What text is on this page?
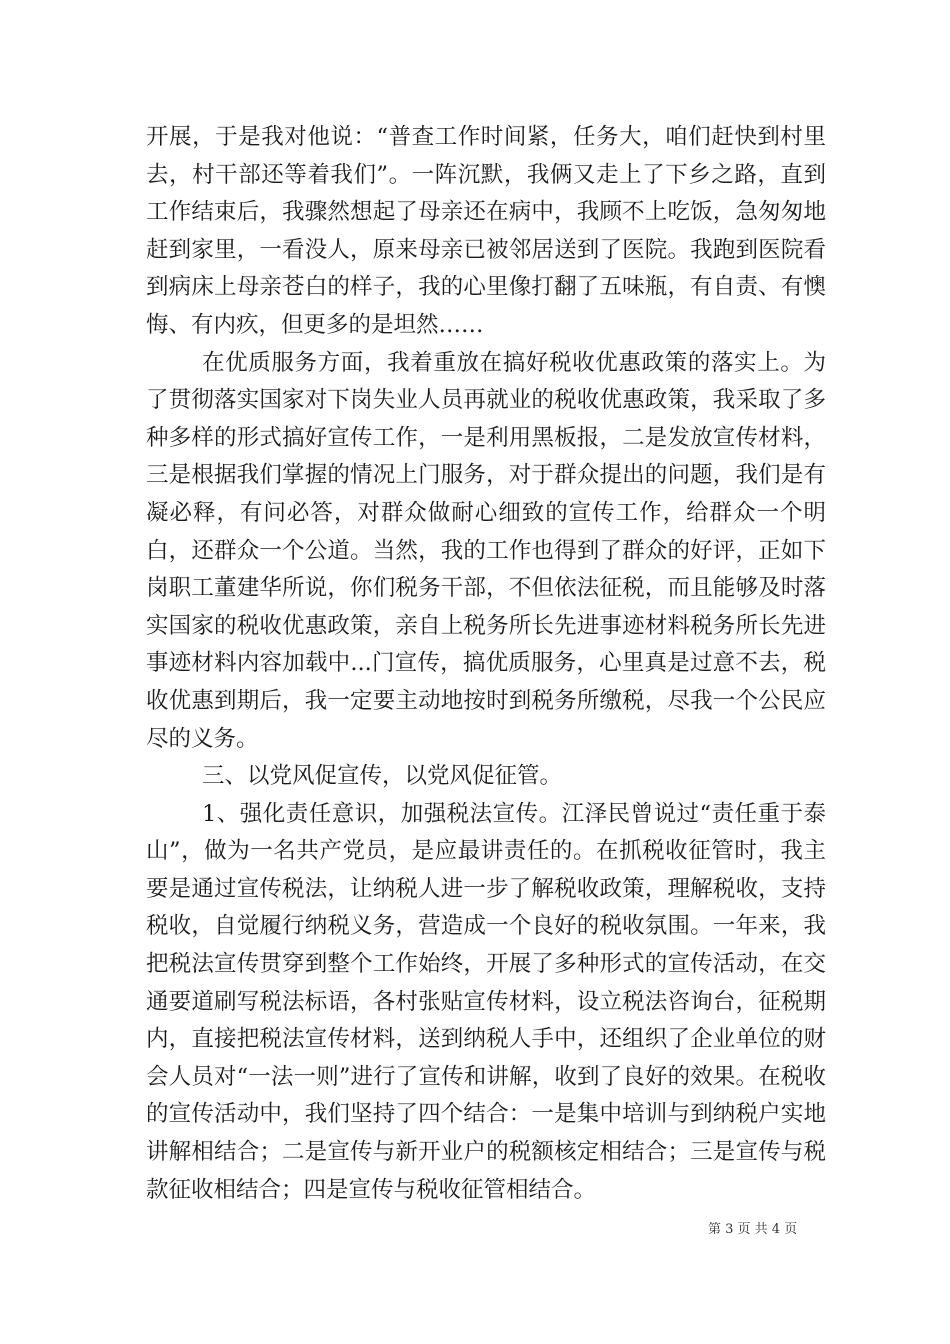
开展，于是我对他说：“普查工作时间紧，任务大，咱们赶快到村里去，村干部还等着我们”。一阵沉默，我俩又走上了下乡之路，直到工作结束后，我骤然想起了母亲还在病中，我顾不上吃饭，急匆匆地赶到家里，一看没人，原来母亲已被邻居送到了医院。我跑到医院看到病床上母亲苍白的样子，我的心里像打翻了五味瓶，有自责、有懊悔、有内疚，但更多的是坦然……

在优质服务方面，我着重放在搞好税收优惠政策的落实上。为了贯彻落实国家对下岗失业人员再就业的税收优惠政策，我采取了多种多样的形式搞好宣传工作，一是利用黑板报，二是发放宣传材料，三是根据我们掌握的情况上门服务，对于群众提出的问题，我们是有凝必释，有问必答，对群众做耐心细致的宣传工作，给群众一个明白，还群众一个公道。当然，我的工作也得到了群众的好评，正如下岗职工董建华所说，你们税务干部，不但依法征税，而且能够及时落实国家的税收优惠政策，亲自上税务所长先进事迹材料税务所长先进事迹材料内容加载中...门宣传，搞优质服务，心里真是过意不去，税收优惠到期后，我一定要主动地按时到税务所缴税，尽我一个公民应尽的义务。

三、以党风促宣传，以党风促征管。

1、强化责任意识，加强税法宣传。江泽民曾说过“责任重于泰山”，做为一名共产党员，是应最讲责任的。在抓税收征管时，我主要是通过宣传税法，让纳税人进一步了解税收政策，理解税收，支持税收，自觉履行纳税义务，营造成一个良好的税收氛围。一年来，我把税法宣传贯穿到整个工作始终，开展了多种形式的宣传活动，在交通要道刷写税法标语，各村张贴宣传材料，设立税法咨询台，征税期内，直接把税法宣传材料，送到纳税人手中，还组织了企业单位的财会人员对“一法一则”进行了宣传和讲解，收到了良好的效果。在税收的宣传活动中，我们坚持了四个结合：一是集中培训与到纳税户实地讲解相结合；二是宣传与新开业户的税额核定相结合；三是宣传与税款征收相结合；四是宣传与税收征管相结合。

第 3 页 共 4 页
